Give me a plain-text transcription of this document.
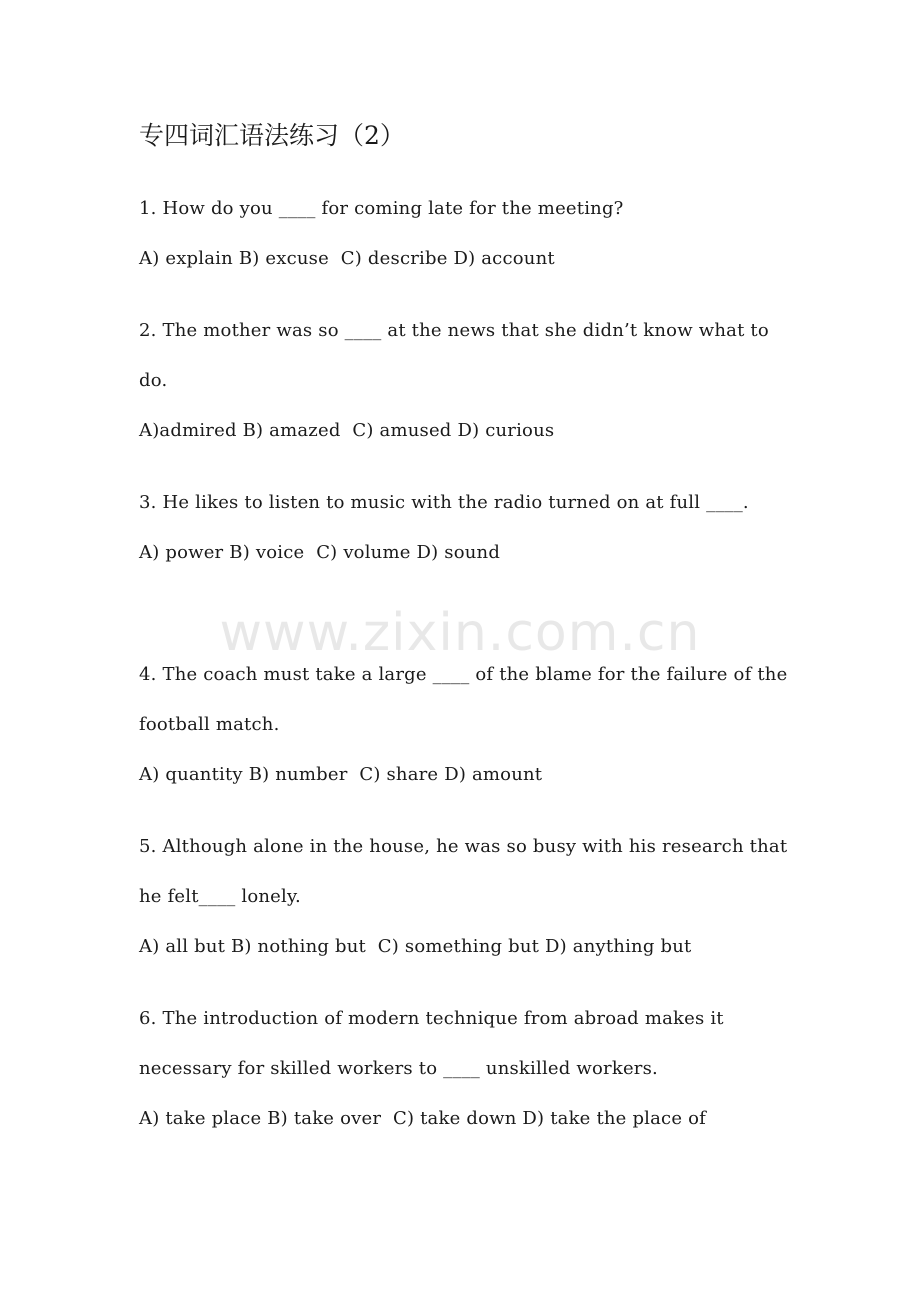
专四词汇语法练习（2）

1. How do you ____ for coming late for the meeting?

A) explain B) excuse  C) describe D) account

2. The mother was so ____ at the news that she didn’t know what to do.

A)admired B) amazed  C) amused D) curious

3. He likes to listen to music with the radio turned on at full ____.

A) power B) voice  C) volume D) sound

4. The coach must take a large ____ of the blame for the failure of the football match.

A) quantity B) number  C) share D) amount

5. Although alone in the house, he was so busy with his research that he felt____ lonely.

A) all but B) nothing but  C) something but D) anything but

6. The introduction of modern technique from abroad makes it necessary for skilled workers to ____ unskilled workers.

A) take place B) take over  C) take down D) take the place of

www.zixin.com.cn
